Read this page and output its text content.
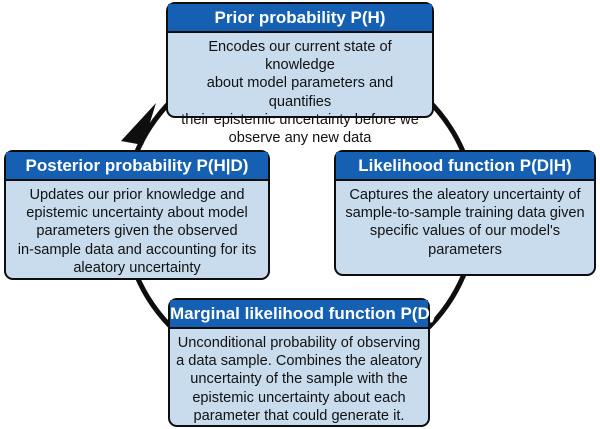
Prior probability P(H)
Encodes our current state of knowledge
about model parameters and quantifies
their epistemic uncertainty before we
observe any new data
Posterior probability P(H|D)
Updates our prior knowledge and
epistemic uncertainty about model
parameters given the observed
in-sample data and accounting for its
aleatory uncertainty
Likelihood function P(D|H)
Captures the aleatory uncertainty of
sample-to-sample training data given
specific values of our model's
parameters
Marginal likelihood function P(D)
Unconditional probability of observing
a data sample. Combines the aleatory
uncertainty of the sample with the
epistemic uncertainty about each
parameter that could generate it.
